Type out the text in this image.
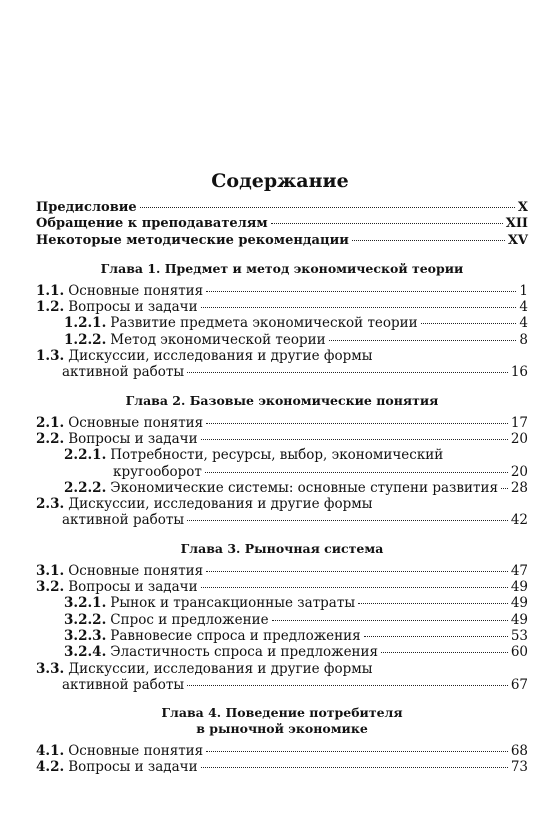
Содержание
Предисловие	X
Обращение к преподавателям	XII
Некоторые методические рекомендации	XV
Глава 1. Предмет и метод экономической теории
1.1. Основные понятия	1
1.2. Вопросы и задачи	4
1.2.1. Развитие предмета экономической теории	4
1.2.2. Метод экономической теории	8
1.3. Дискуссии, исследования и другие формы
активной работы	16
Глава 2. Базовые экономические понятия
2.1. Основные понятия	17
2.2. Вопросы и задачи	20
2.2.1. Потребности, ресурсы, выбор, экономический
кругооборот	20
2.2.2. Экономические системы: основные ступени развития 28
2.3. Дискуссии, исследования и другие формы
активной работы	42
Глава 3. Рыночная система
3.1. Основные понятия	47
3.2. Вопросы и задачи	49
3.2.1. Рынок и трансакционные затраты	49
3.2.2. Спрос и предложение	49
3.2.3. Равновесие спроса и предложения	53
3.2.4. Эластичность спроса и предложения	60
3.3. Дискуссии, исследования и другие формы
активной работы	67
Глава 4. Поведение потребителя
в рыночной экономике
4.1. Основные понятия	68
4.2. Вопросы и задачи	73
